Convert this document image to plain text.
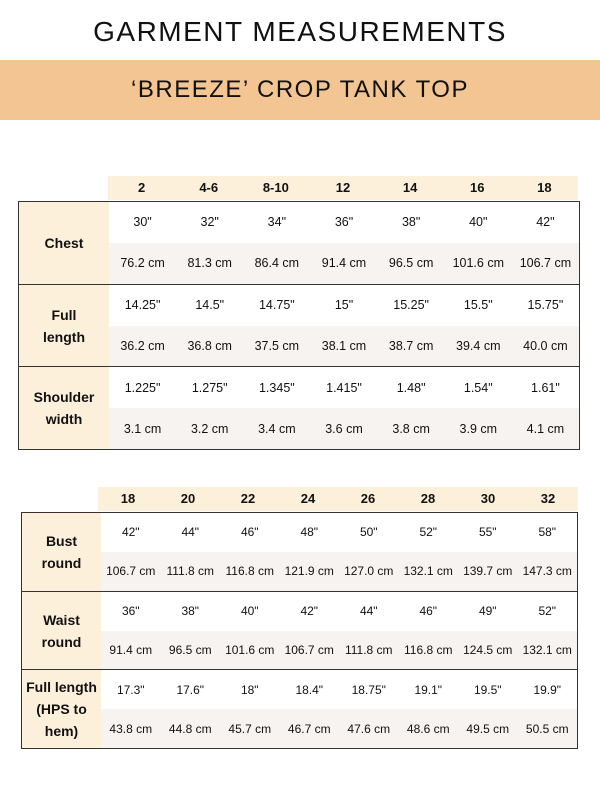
GARMENT MEASUREMENTS
‘BREEZE’ CROP TANK TOP
2	4-6	8-10	12	14	16	18
Chest
30"	32"	34"	36"	38"	40"	42"
76.2 cm	81.3 cm	86.4 cm	91.4 cm	96.5 cm	101.6 cm	106.7 cm
Full
length
14.25"	14.5"	14.75"	15"	15.25"	15.5"	15.75"
36.2 cm	36.8 cm	37.5 cm	38.1 cm	38.7 cm	39.4 cm	40.0 cm
Shoulder
width
1.225"	1.275"	1.345"	1.415"	1.48"	1.54"	1.61"
3.1 cm	3.2 cm	3.4 cm	3.6 cm	3.8 cm	3.9 cm	4.1 cm
18	20	22	24	26	28	30	32
Bust
round
42"	44"	46"	48"	50"	52"	55"	58"
106.7 cm 111.8 cm 116.8 cm 121.9 cm 127.0 cm 132.1 cm 139.7 cm 147.3 cm
Waist
round
36"	38"	40"	42"	44"	46"	49"	52"
91.4 cm	96.5 cm	101.6 cm 106.7 cm 111.8 cm 116.8 cm 124.5 cm 132.1 cm
Full length
(HPS to
hem)
17.3"	17.6"	18"	18.4"	18.75"	19.1"	19.5"	19.9"
43.8 cm	44.8 cm	45.7 cm	46.7 cm	47.6 cm	48.6 cm	49.5 cm	50.5 cm
